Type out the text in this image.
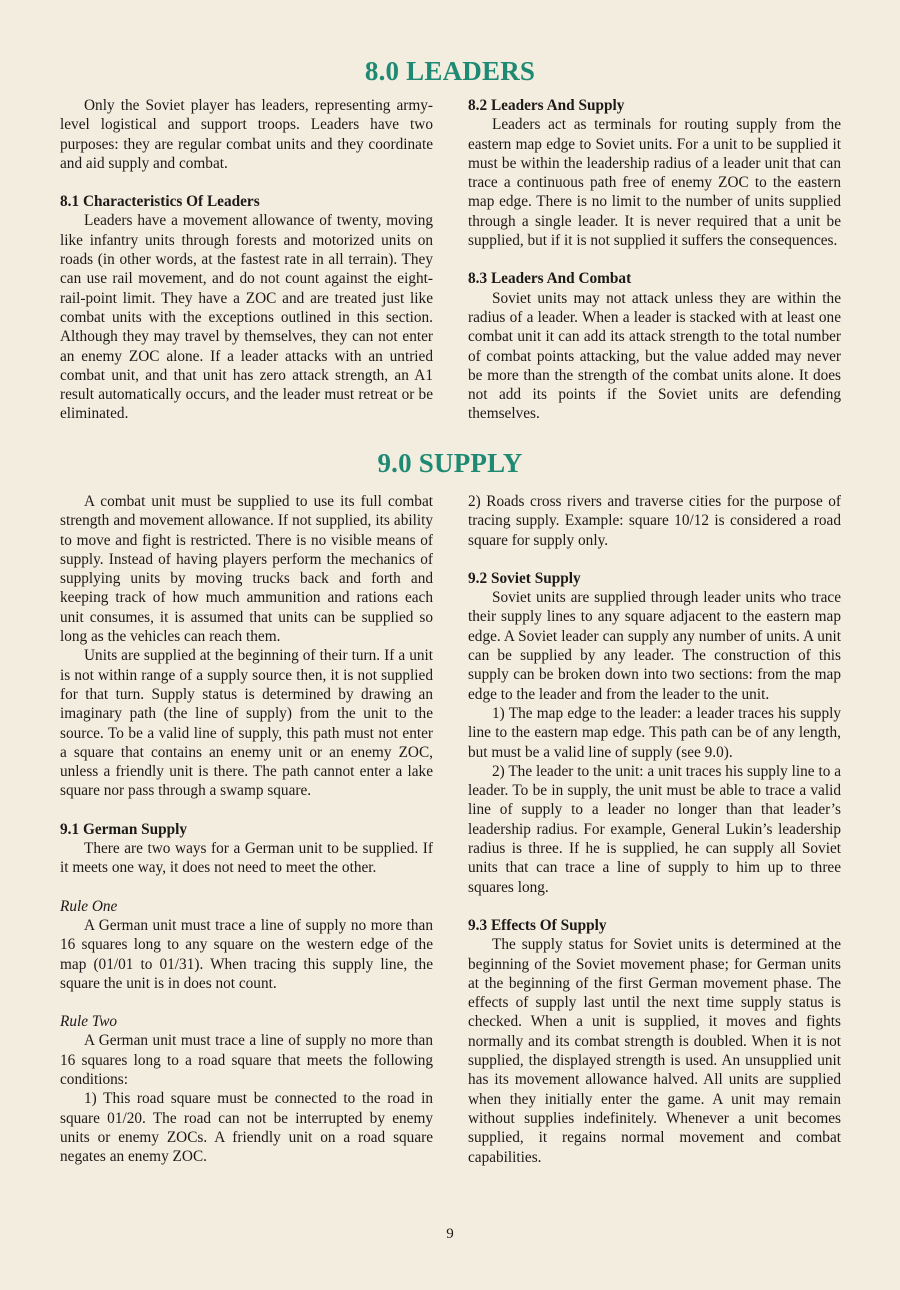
8.0 LEADERS

Only the Soviet player has leaders, representing army-level logistical and support troops. Leaders have two purposes: they are regular combat units and they coordinate and aid supply and combat.

8.1 Characteristics Of Leaders

Leaders have a movement allowance of twenty, moving like infantry units through forests and motorized units on roads (in other words, at the fastest rate in all terrain). They can use rail movement, and do not count against the eight-rail-point limit. They have a ZOC and are treated just like combat units with the exceptions outlined in this section. Although they may travel by themselves, they can not enter an enemy ZOC alone. If a leader attacks with an untried combat unit, and that unit has zero attack strength, an A1 result automatically occurs, and the leader must retreat or be eliminated.

8.2 Leaders And Supply

Leaders act as terminals for routing supply from the eastern map edge to Soviet units. For a unit to be supplied it must be within the leadership radius of a leader unit that can trace a continuous path free of enemy ZOC to the eastern map edge. There is no limit to the number of units supplied through a single leader. It is never required that a unit be supplied, but if it is not supplied it suffers the consequences.

8.3 Leaders And Combat

Soviet units may not attack unless they are within the radius of a leader. When a leader is stacked with at least one combat unit it can add its attack strength to the total number of combat points attacking, but the value added may never be more than the strength of the combat units alone. It does not add its points if the Soviet units are defending themselves.

9.0 SUPPLY

A combat unit must be supplied to use its full combat strength and movement allowance. If not supplied, its ability to move and fight is restricted. There is no visible means of supply. Instead of having players perform the mechanics of supplying units by moving trucks back and forth and keeping track of how much ammunition and rations each unit consumes, it is assumed that units can be supplied so long as the vehicles can reach them.

Units are supplied at the beginning of their turn. If a unit is not within range of a supply source then, it is not supplied for that turn. Supply status is determined by drawing an imaginary path (the line of supply) from the unit to the source. To be a valid line of supply, this path must not enter a square that contains an enemy unit or an enemy ZOC, unless a friendly unit is there. The path cannot enter a lake square nor pass through a swamp square.

9.1 German Supply

There are two ways for a German unit to be supplied. If it meets one way, it does not need to meet the other.

Rule One

A German unit must trace a line of supply no more than 16 squares long to any square on the western edge of the map (01/01 to 01/31). When tracing this supply line, the square the unit is in does not count.

Rule Two

A German unit must trace a line of supply no more than 16 squares long to a road square that meets the following conditions:

1) This road square must be connected to the road in square 01/20. The road can not be interrupted by enemy units or enemy ZOCs. A friendly unit on a road square negates an enemy ZOC.

2) Roads cross rivers and traverse cities for the purpose of tracing supply. Example: square 10/12 is considered a road square for supply only.

9.2 Soviet Supply

Soviet units are supplied through leader units who trace their supply lines to any square adjacent to the eastern map edge. A Soviet leader can supply any number of units. A unit can be supplied by any leader. The construction of this supply can be broken down into two sections: from the map edge to the leader and from the leader to the unit.

1) The map edge to the leader: a leader traces his supply line to the eastern map edge. This path can be of any length, but must be a valid line of supply (see 9.0).

2) The leader to the unit: a unit traces his supply line to a leader. To be in supply, the unit must be able to trace a valid line of supply to a leader no longer than that leader’s leadership radius. For example, General Lukin’s leadership radius is three. If he is supplied, he can supply all Soviet units that can trace a line of supply to him up to three squares long.

9.3 Effects Of Supply

The supply status for Soviet units is determined at the beginning of the Soviet movement phase; for German units at the beginning of the first German movement phase. The effects of supply last until the next time supply status is checked. When a unit is supplied, it moves and fights normally and its combat strength is doubled. When it is not supplied, the displayed strength is used. An unsupplied unit has its movement allowance halved. All units are supplied when they initially enter the game. A unit may remain without supplies indefinitely. Whenever a unit becomes supplied, it regains normal movement and combat capabilities.

9
